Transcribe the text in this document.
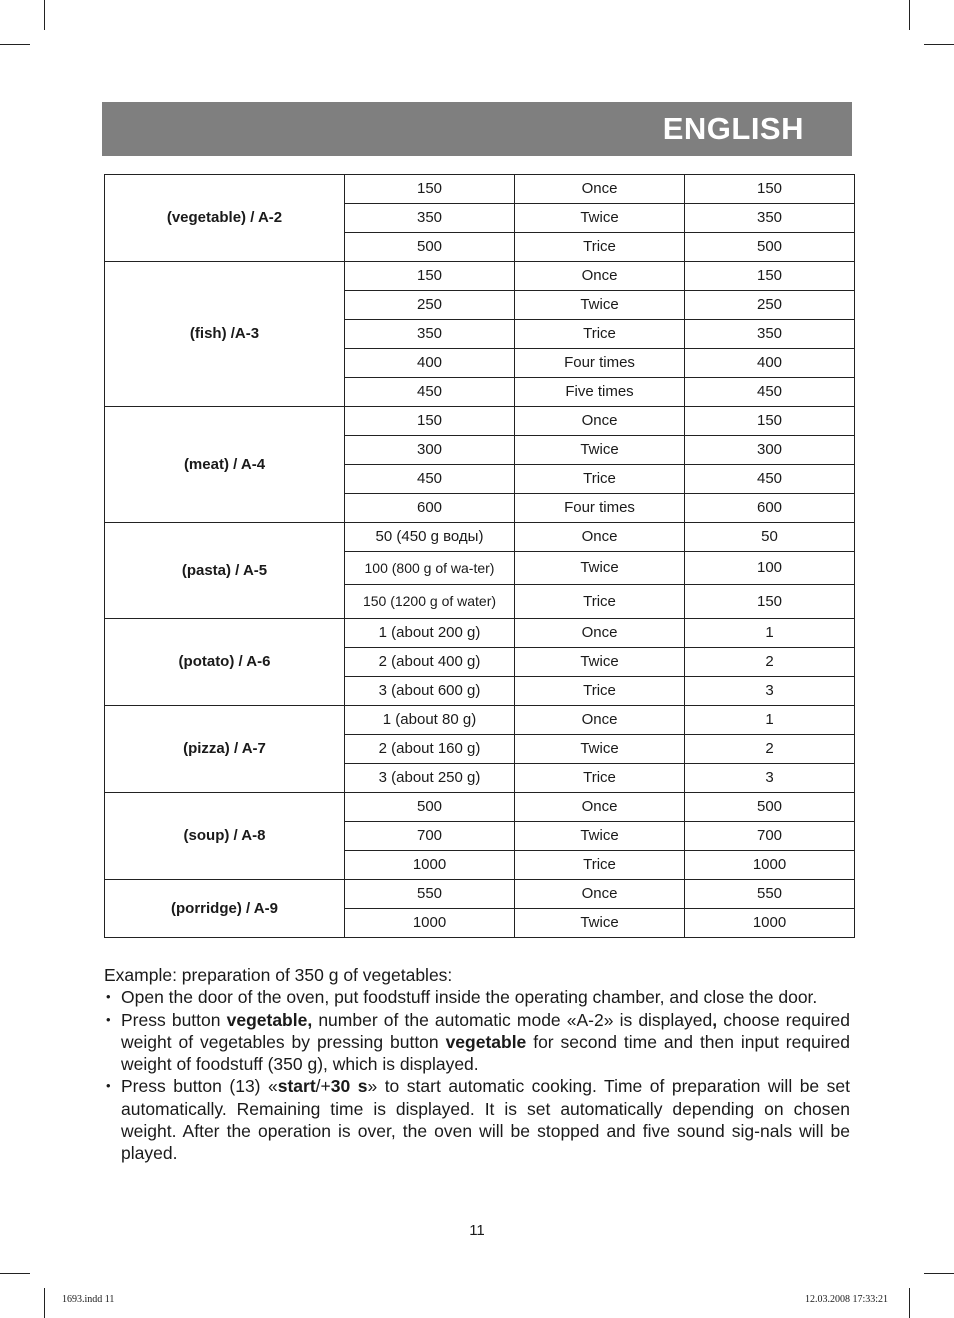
ENGLISH
(vegetable) / A-2	150	Once	150
	350	Twice	350
	500	Trice	500
(fish) /A-3	150	Once	150
	250	Twice	250
	350	Trice	350
	400	Four times	400
	450	Five times	450
(meat) / A-4	150	Once	150
	300	Twice	300
	450	Trice	450
	600	Four times	600
(pasta) / A-5	50 (450 g воды)	Once	50
	100 (800 g of wa-ter)	Twice	100
	150 (1200 g of water)	Trice	150
(potato) / A-6	1 (about 200 g)	Once	1
	2 (about 400 g)	Twice	2
	3 (about 600 g)	Trice	3
(pizza) / A-7	1 (about 80 g)	Once	1
	2 (about 160 g)	Twice	2
	3 (about 250 g)	Trice	3
(soup) / A-8	500	Once	500
	700	Twice	700
	1000	Trice	1000
(porridge) / A-9	550	Once	550
	1000	Twice	1000

Example: preparation of 350 g of vegetables:

• Open the door of the oven, put foodstuff inside the operating chamber, and close the door.
• Press button vegetable, number of the automatic mode «A-2» is displayed, choose required weight of vegetables by pressing button vegetable for second time and then input required weight of foodstuff (350 g), which is displayed.
• Press button (13) «start/+30 s» to start automatic cooking. Time of preparation will be set automatically. Remaining time is displayed. It is set automatically depending on chosen weight. After the operation is over, the oven will be stopped and five sound sig-nals will be played.
11
1693.indd 11	12.03.2008 17:33:21
